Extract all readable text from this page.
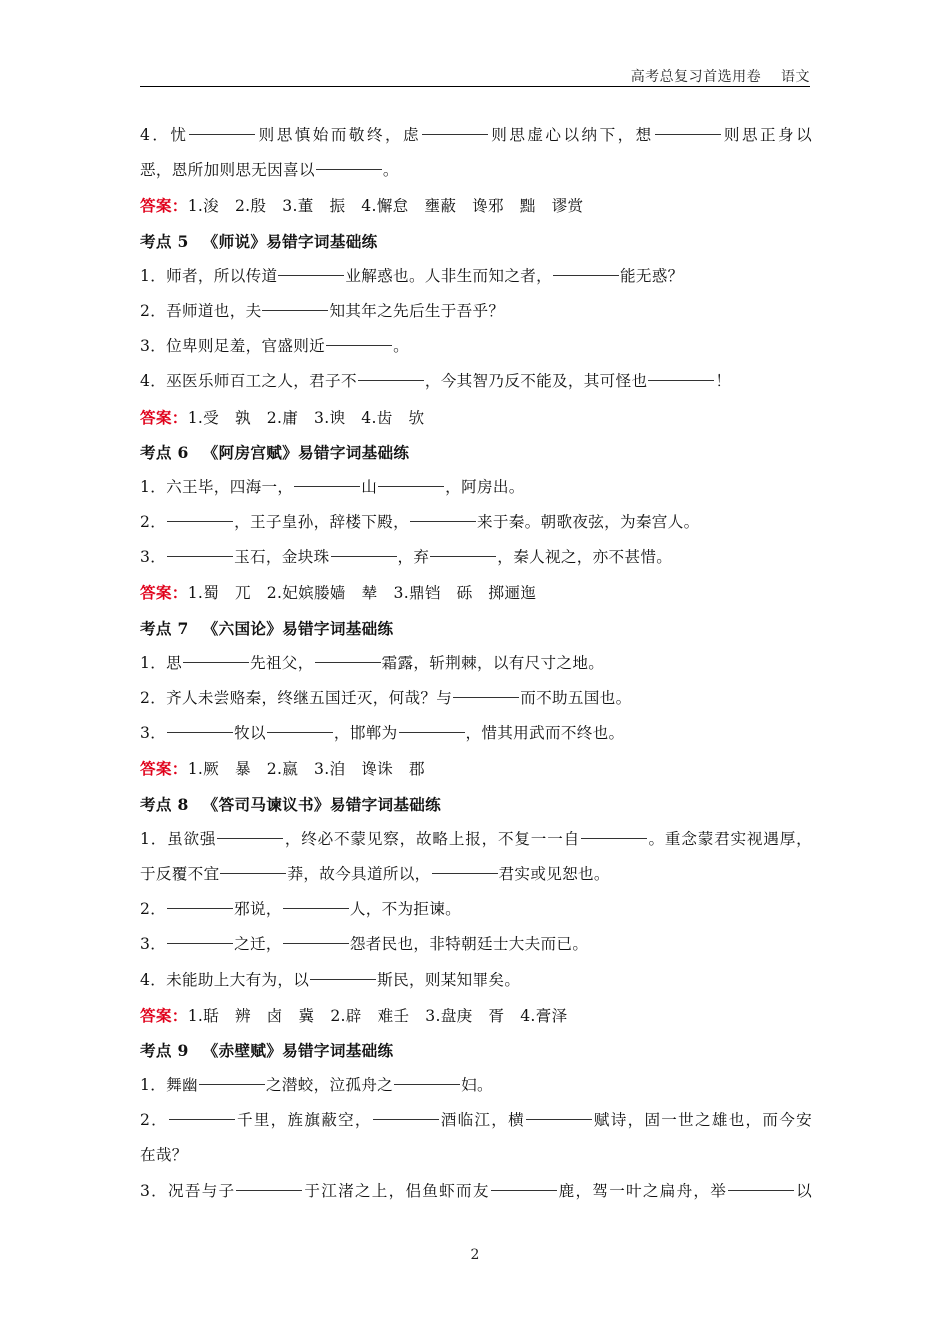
高考总复习首选用卷    语文
4．忧	则思慎始而敬终，虑	则思虚心以纳下，想	则思正身以
恶，恩所加则思无因喜以	。
答案：1.浚　2.殷　3.董　振　4.懈怠　壅蔽　谗邪　黜　谬赏
考点 5 《师说》易错字词基础练
1．师者，所以传道	业解惑也。人非生而知之者，	能无惑？
2．吾师道也，夫	知其年之先后生于吾乎？
3．位卑则足羞，官盛则近	。
4．巫医乐师百工之人，君子不	，今其智乃反不能及，其可怪也	！
答案：1.受　孰　2.庸　3.谀　4.齿　欤
考点 6 《阿房宫赋》易错字词基础练
1．六王毕，四海一，	山	，阿房出。
2．	，王子皇孙，辞楼下殿，	来于秦。朝歌夜弦，为秦宫人。
3．	玉石，金块珠	，弃	，秦人视之，亦不甚惜。
答案：1.蜀　兀　2.妃嫔媵嫱　辇　3.鼎铛　砾　掷逦迤
考点 7 《六国论》易错字词基础练
1．思	先祖父，	霜露，斩荆棘，以有尺寸之地。
2．齐人未尝赂秦，终继五国迁灭，何哉？与	而不助五国也。
3．	牧以	，邯郸为	，惜其用武而不终也。
答案：1.厥　暴　2.嬴　3.洎　谗诛　郡
考点 8 《答司马谏议书》易错字词基础练
1．虽欲强	，终必不蒙见察，故略上报，不复一一自	。重念蒙君实视遇厚，
于反覆不宜	莽，故今具道所以，	君实或见恕也。
2．	邪说，	人，不为拒谏。
3．	之迁，	怨者民也，非特朝廷士大夫而已。
4．未能助上大有为，以	斯民，则某知罪矣。
答案：1.聒　辨　卤　冀　2.辟　难壬　3.盘庚　胥　4.膏泽
考点 9 《赤壁赋》易错字词基础练
1．舞幽	之潜蛟，泣孤舟之	妇。
2．	千里，旌旗蔽空，	酒临江，横	赋诗，固一世之雄也，而今安
在哉？
3．况吾与子	于江渚之上，侣鱼虾而友	鹿，驾一叶之扁舟，举	以
2
